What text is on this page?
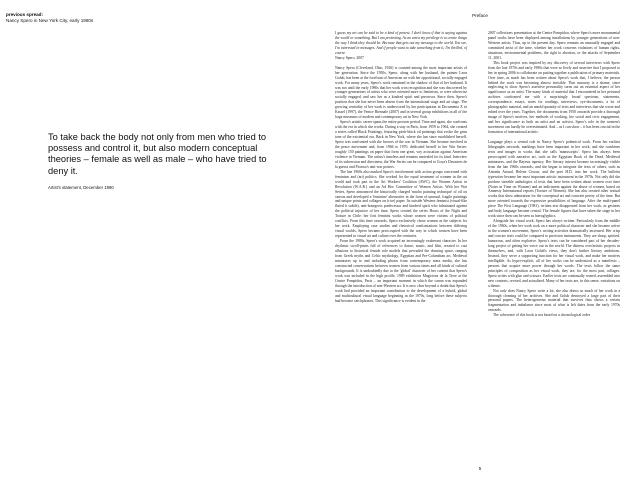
previous spread:
Nancy Spero in New York City, early 1980s
To take back the body not only from men who tried to possess and control it, but also modern conceptual theories – female as well as male – who have tried to deny it.
Artist's statement, December 1990
Preface

I guess my art can be said to be a kind of protest. I don't know if that is saying against the world or something. But I am protesting. As an artist my privilege is to create things the way I think they should be. Because that gets out my message to the world. You see, I'm interested in messages. And if people want to take something from it, I'm thrilled, of course.

Nancy Spero, 2007

Nancy Spero (Cleveland, Ohio, 1926) is counted among the most important artists of her generation. Since the 1950s, Spero, along with her husband, the painter Leon Golub, has been at the forefront of American art with her oppositional, socially engaged work. For many years, Spero's work remained in the shadow of that of her husband. It was not until the early 1980s that her work won recognition and she was discovered by younger generations of artists who were oriented more to feminism, or were otherwise socially engaged, and saw her as a kindred spirit and precursor. Since then, Spero's position that she has never been absent from the international stage and art stage. The growing centrality of her work is underscored by her participation in Documenta X in Kassel (1997), the Venice Biennale (2007) and in several group exhibitions in all of the large museums of modern and contemporary art in New York.

Spero's artistic career spans the entire postwar period. Time and again, she confronts with the era in which she works. During a stay in Paris, from 1959 to 1964, she created a series called Black Paintings, featuring pitch-black oil paintings that evoke the grim tone of the existential era. Back in New York, where she has since established herself, Spero was confronted with the horrors of the war in Vietnam. She became involved in the peace movement and, from 1966 to 1970, dedicated herself to her War Series: roughly 150 paintings on paper that form one great, wry accusation against American violence in Vietnam. The artists's timeless and remains unrivaled for its kind. Interview of its subversion and directness, the War Series can be compared to Goya's Desastres de la guerra and Picasso's anti-war posters.

The late 1960s also marked Spero's involvement with action groups concerned with feminism and (art) politics. She worked for the equal treatment of women in the art world and took part in the Art Workers' Coalition (AWC), the Women Artists in Revolution (W.A.R.) and an Ad Hoc Committee of Women Artists. With her War Series, Spero announced the historically charged 'macho painting technique' of oil on canvas and developed a 'feminine' alternative in the form of unusual, fragile paintings and unique prints and collages on (rice) paper. Its outside Western feminist (visual-like fluted it subtle), anti-bourgeois predecessor and kindred spirit who fulminated against the political injustice of her time, Spero created the series Hours of the Night and Torture in Chile: her first feminist works whose women were victims of political conflicts. From this time onwards, Spero exclusively chose women as the subjects for her work. Employing case studies and rhetorical confrontations between differing visual worlds, Spero became preoccupied with the way in which women have been represented in visual art and culture over the centuries.

From the 1980s, Spero's work acquired an increasingly exuberant character. In her rhythmic scroll-prints full of references to dance, music, and film, created to cast allusions to historical female role models that pervaded the drawing space, ranging from Greek myths and Celtic mythology, Egyptian and Pre-Columbian art, Medieval miniatures up to and including photos from contemporary mass media, she has constructed conversations between women from various times and all kinds of cultural backgrounds. It is undoubtedly due to the 'global' character of her content that Spero's work was included in the high profile, 1989 exhibition Magiciens de la Terre at the Centre Pompidou, Paris – an important moment in which the canon was expanded through the introduction of non-Western art. It is now clear beyond a doubt that Spero's work had provided an important contribution to the development of a hybrid, global and multicultural visual language beginning in the 1970s, long before these subjects had become catchphrases. This significance is evident in the

2007 collections presentation at the Centre Pompidou, where Spero's more monumental panel works have been displayed among installations by younger generations of non-Western artists. Thus, up to the present day, Spero remains an unusually engaged and committed artist of the time, whether her work concerns violations of human rights, situations, environmental problems, the right to abortion, or the attacks of September 11, 2001.

This book project was inspired by my discovery of several interviews with Spero from the late 1970s and early 1980s that were so lively and assertive that I proposed to her in spring 2006 to collaborate on putting together a publication of primary materials. Over time, as much has been written about Spero's work that, I believe, the person behind the work was becoming almost invisible. That runaway is a shame, since neglecting to show Spero's assertive personality turns out an essential aspect of her significance as an artist. The many kinds of material that I encountered in her personal archives confronted me with a surprisingly broad spectrum, statements, correspondence, essays, notes for readings, interviews, eye-documents, a lot of photographic material, and an untold quantity of texts and interviews that she wrote and edited over the years. Together, the documents from 1950 onwards provide a thorough image of Spero's motives, her methods of working, her social and civic engagement, and her significance as both an artist and an activist. Spero's role in the women's movement can hardly be overestimated. And – as I can show – it has been crucial in the formation of international artistic.

Language plays a central role in Nancy Spero's polemical work. From her earliest lithographs onwards, markings have been important in her work, and she combines texts and images in works that she calls 'manuscripts'. Spero has always been preoccupied with narrative art, such as the Egyptian Book of the Dead, Medieval miniatures, and the Bayeux tapestry. Her literary interest became increasingly visible from the late 1960s onwards, and she began to integrate the texts of others, such as Antonin Artaud, Helene Cixous, and the poet H.D. into her work. The bulletin typewriter became her most important artistic instrument in the 1970s. Not only did she produce sizeable anthologies of texts that have been written about women over time (Notes in Time on Women) and an indictment against the abuse of women, based on Amnesty International reports (Torture of Women). She has also created other textual works that show admiration for the conceptual art and concrete poetry of the time. But more oriented towards the expressive possibilities of language. After the multi-panel piece The First Language (1981), written text disappeared from her work, as gestures and body language became central. The female figures that have taken the stage in her work since then can be seen as hieroglyphics.

Alongside her visual work, Spero has always written. Particularly from the middle of the 1960s, when her work took on a more political character and she became active in the women's movement, Spero's writing activities dramatically increased. Her crisp and concise texts could be compared to precision instruments. They are sharp, spirited, humorous, and often explosive. Spero's texts can be considered part of her decades-long project of getting her voice out in the world. The distress over'artistic projects in themselves, and, with Leon Golub's views, they don't further literary ambitions. Instead, they serve a supporting function for her visual work, and make her motives intelligible. As hyper-explicit, all of her works can be understood as a manifesto – persons that acquire more power through her words. The texts follow the same principles of composition as her visual work, they are, for the most part, collages. Spero writes with glue and scissors. Earlier texts are continually reused, assembled into new contexts, revised, and actualized. Many of her texts are, in this sense, variations on a theme.

Not only does Nancy Spero write a lot, she also draws so much of her work in a thorough cleaning of her archives. She and Golub destroyed a large part of their personal papers. The heterogeneous material that survives thus shows a certain fragmentation and imbalance since most of what is left dates from the early 1970s onwards.

The coherence of this book is not based on a chronological order

5
